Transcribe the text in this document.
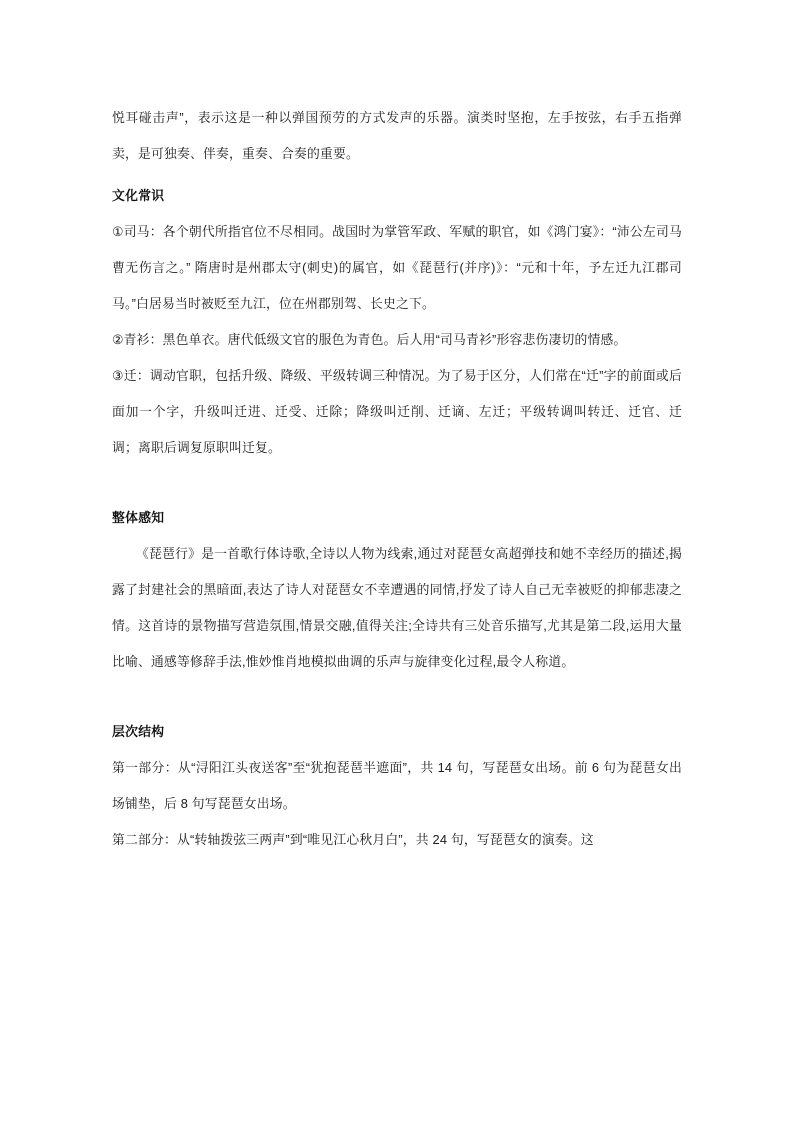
悦耳碰击声”，表示这是一种以弹国预劳的方式发声的乐器。演类时坚抱，左手按弦，右手五指弹卖，是可独奏、伴奏，重奏、合奏的重要。

文化常识

①司马：各个朝代所指官位不尽相同。战国时为掌管军政、军赋的职官，如《鸿门宴》：“沛公左司马曹无伤言之。” 隋唐时是州郡太守(刺史)的属官，如《琵琶行(并序)》：“元和十年，予左迁九江郡司马。”白居易当时被贬至九江，位在州郡别驾、长史之下。

②青衫：黑色单衣。唐代低级文官的服色为青色。后人用“司马青衫”形容悲伤凄切的情感。

③迁：调动官职，包括升级、降级、平级转调三种情况。为了易于区分，人们常在“迁”字的前面或后面加一个字，升级叫迁进、迁受、迁除；降级叫迁削、迁谪、左迁；平级转调叫转迁、迁官、迁调；离职后调复原职叫迁复。

整体感知

《琵琶行》是一首歌行体诗歌,全诗以人物为线索,通过对琵琶女高超弹技和她不幸经历的描述,揭露了封建社会的黑暗面,表达了诗人对琵琶女不幸遭遇的同情,抒发了诗人自己无幸被贬的抑郁悲凄之情。这首诗的景物描写营造氛围,情景交融,值得关注;全诗共有三处音乐描写,尤其是第二段,运用大量比喻、通感等修辞手法,惟妙惟肖地模拟曲调的乐声与旋律变化过程,最令人称道。

层次结构

第一部分：从“浔阳江头夜送客”至“犹抱琵琶半遮面”，共 14 句，写琵琶女出场。前 6 句为琵琶女出场铺垫，后 8 句写琵琶女出场。

第二部分：从“转轴拨弦三两声”到“唯见江心秋月白”，共 24 句，写琵琶女的演奏。这
